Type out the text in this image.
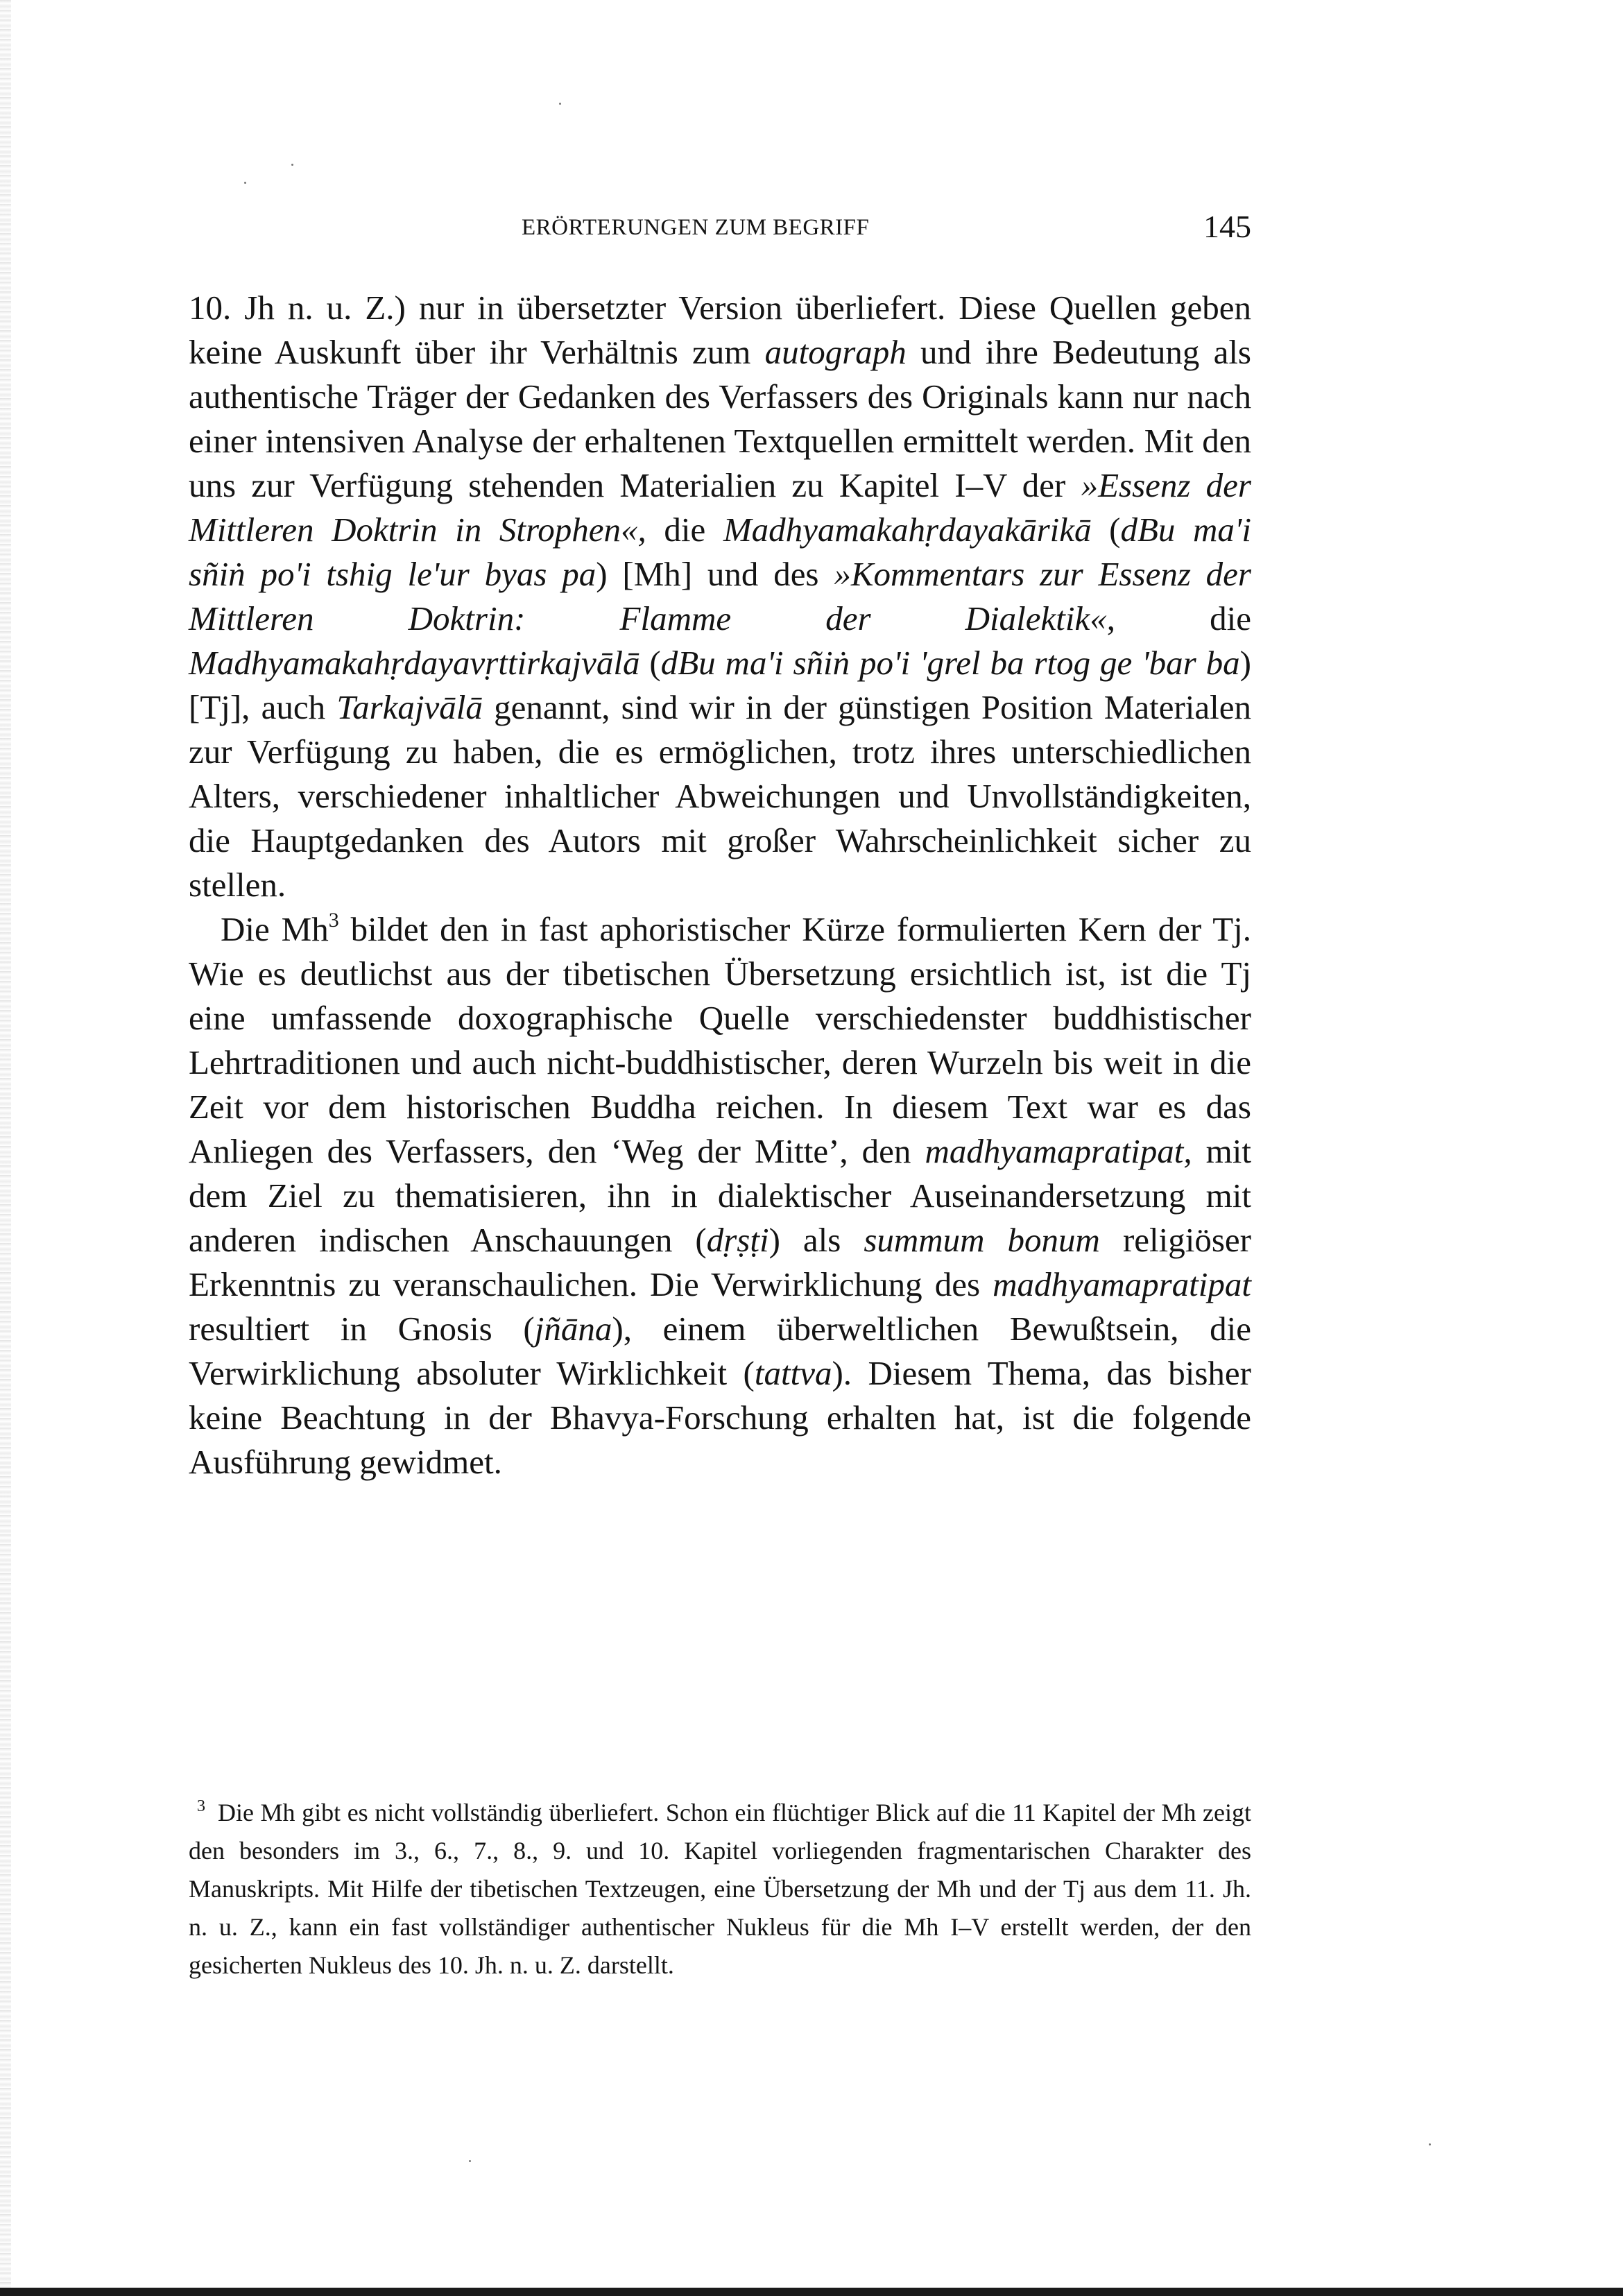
ERÖRTERUNGEN ZUM BEGRIFF	145

10. Jh n. u. Z.) nur in übersetzter Version überliefert. Diese Quellen geben keine Auskunft über ihr Verhältnis zum autograph und ihre Bedeutung als authentische Träger der Gedanken des Verfassers des Originals kann nur nach einer intensiven Analyse der erhaltenen Textquellen ermittelt werden. Mit den uns zur Verfügung stehenden Materialien zu Kapitel I–V der »Essenz der Mittleren Doktrin in Strophen«, die Madhyamakahṛdayakārikā (dBu ma'i sñiṅ po'i tshig le'ur byas pa) [Mh] und des »Kommentars zur Essenz der Mittleren Doktrin: Flamme der Dialektik«, die Madhyamakahṛdayavṛttirkajvālā (dBu ma'i sñiṅ po'i 'grel ba rtog ge 'bar ba) [Tj], auch Tarkajvālā genannt, sind wir in der günstigen Position Materialen zur Verfügung zu haben, die es ermöglichen, trotz ihres unterschiedlichen Alters, verschiedener inhaltlicher Abweichungen und Unvollständigkeiten, die Hauptgedanken des Autors mit großer Wahrscheinlichkeit sicher zu stellen.

Die Mh$^3$ bildet den in fast aphoristischer Kürze formulierten Kern der Tj. Wie es deutlichst aus der tibetischen Übersetzung ersichtlich ist, ist die Tj eine umfassende doxographische Quelle verschiedenster buddhistischer Lehrtraditionen und auch nicht-buddhistischer, deren Wurzeln bis weit in die Zeit vor dem historischen Buddha reichen. In diesem Text war es das Anliegen des Verfassers, den ‘Weg der Mitte’, den madhyamapratipat, mit dem Ziel zu thematisieren, ihn in dialektischer Auseinandersetzung mit anderen indischen Anschauungen (dṛṣṭi) als summum bonum religiöser Erkenntnis zu veranschaulichen. Die Verwirklichung des madhyamapratipat resultiert in Gnosis (jñāna), einem überweltlichen Bewußtsein, die Verwirklichung absoluter Wirklichkeit (tattva). Diesem Thema, das bisher keine Beachtung in der Bhavya-Forschung erhalten hat, ist die folgende Ausführung gewidmet.

$^3$ Die Mh gibt es nicht vollständig überliefert. Schon ein flüchtiger Blick auf die 11 Kapitel der Mh zeigt den besonders im 3., 6., 7., 8., 9. und 10. Kapitel vorliegenden fragmentarischen Charakter des Manuskripts. Mit Hilfe der tibetischen Textzeugen, eine Übersetzung der Mh und der Tj aus dem 11. Jh. n. u. Z., kann ein fast vollständiger authentischer Nukleus für die Mh I–V erstellt werden, der den gesicherten Nukleus des 10. Jh. n. u. Z. darstellt.
